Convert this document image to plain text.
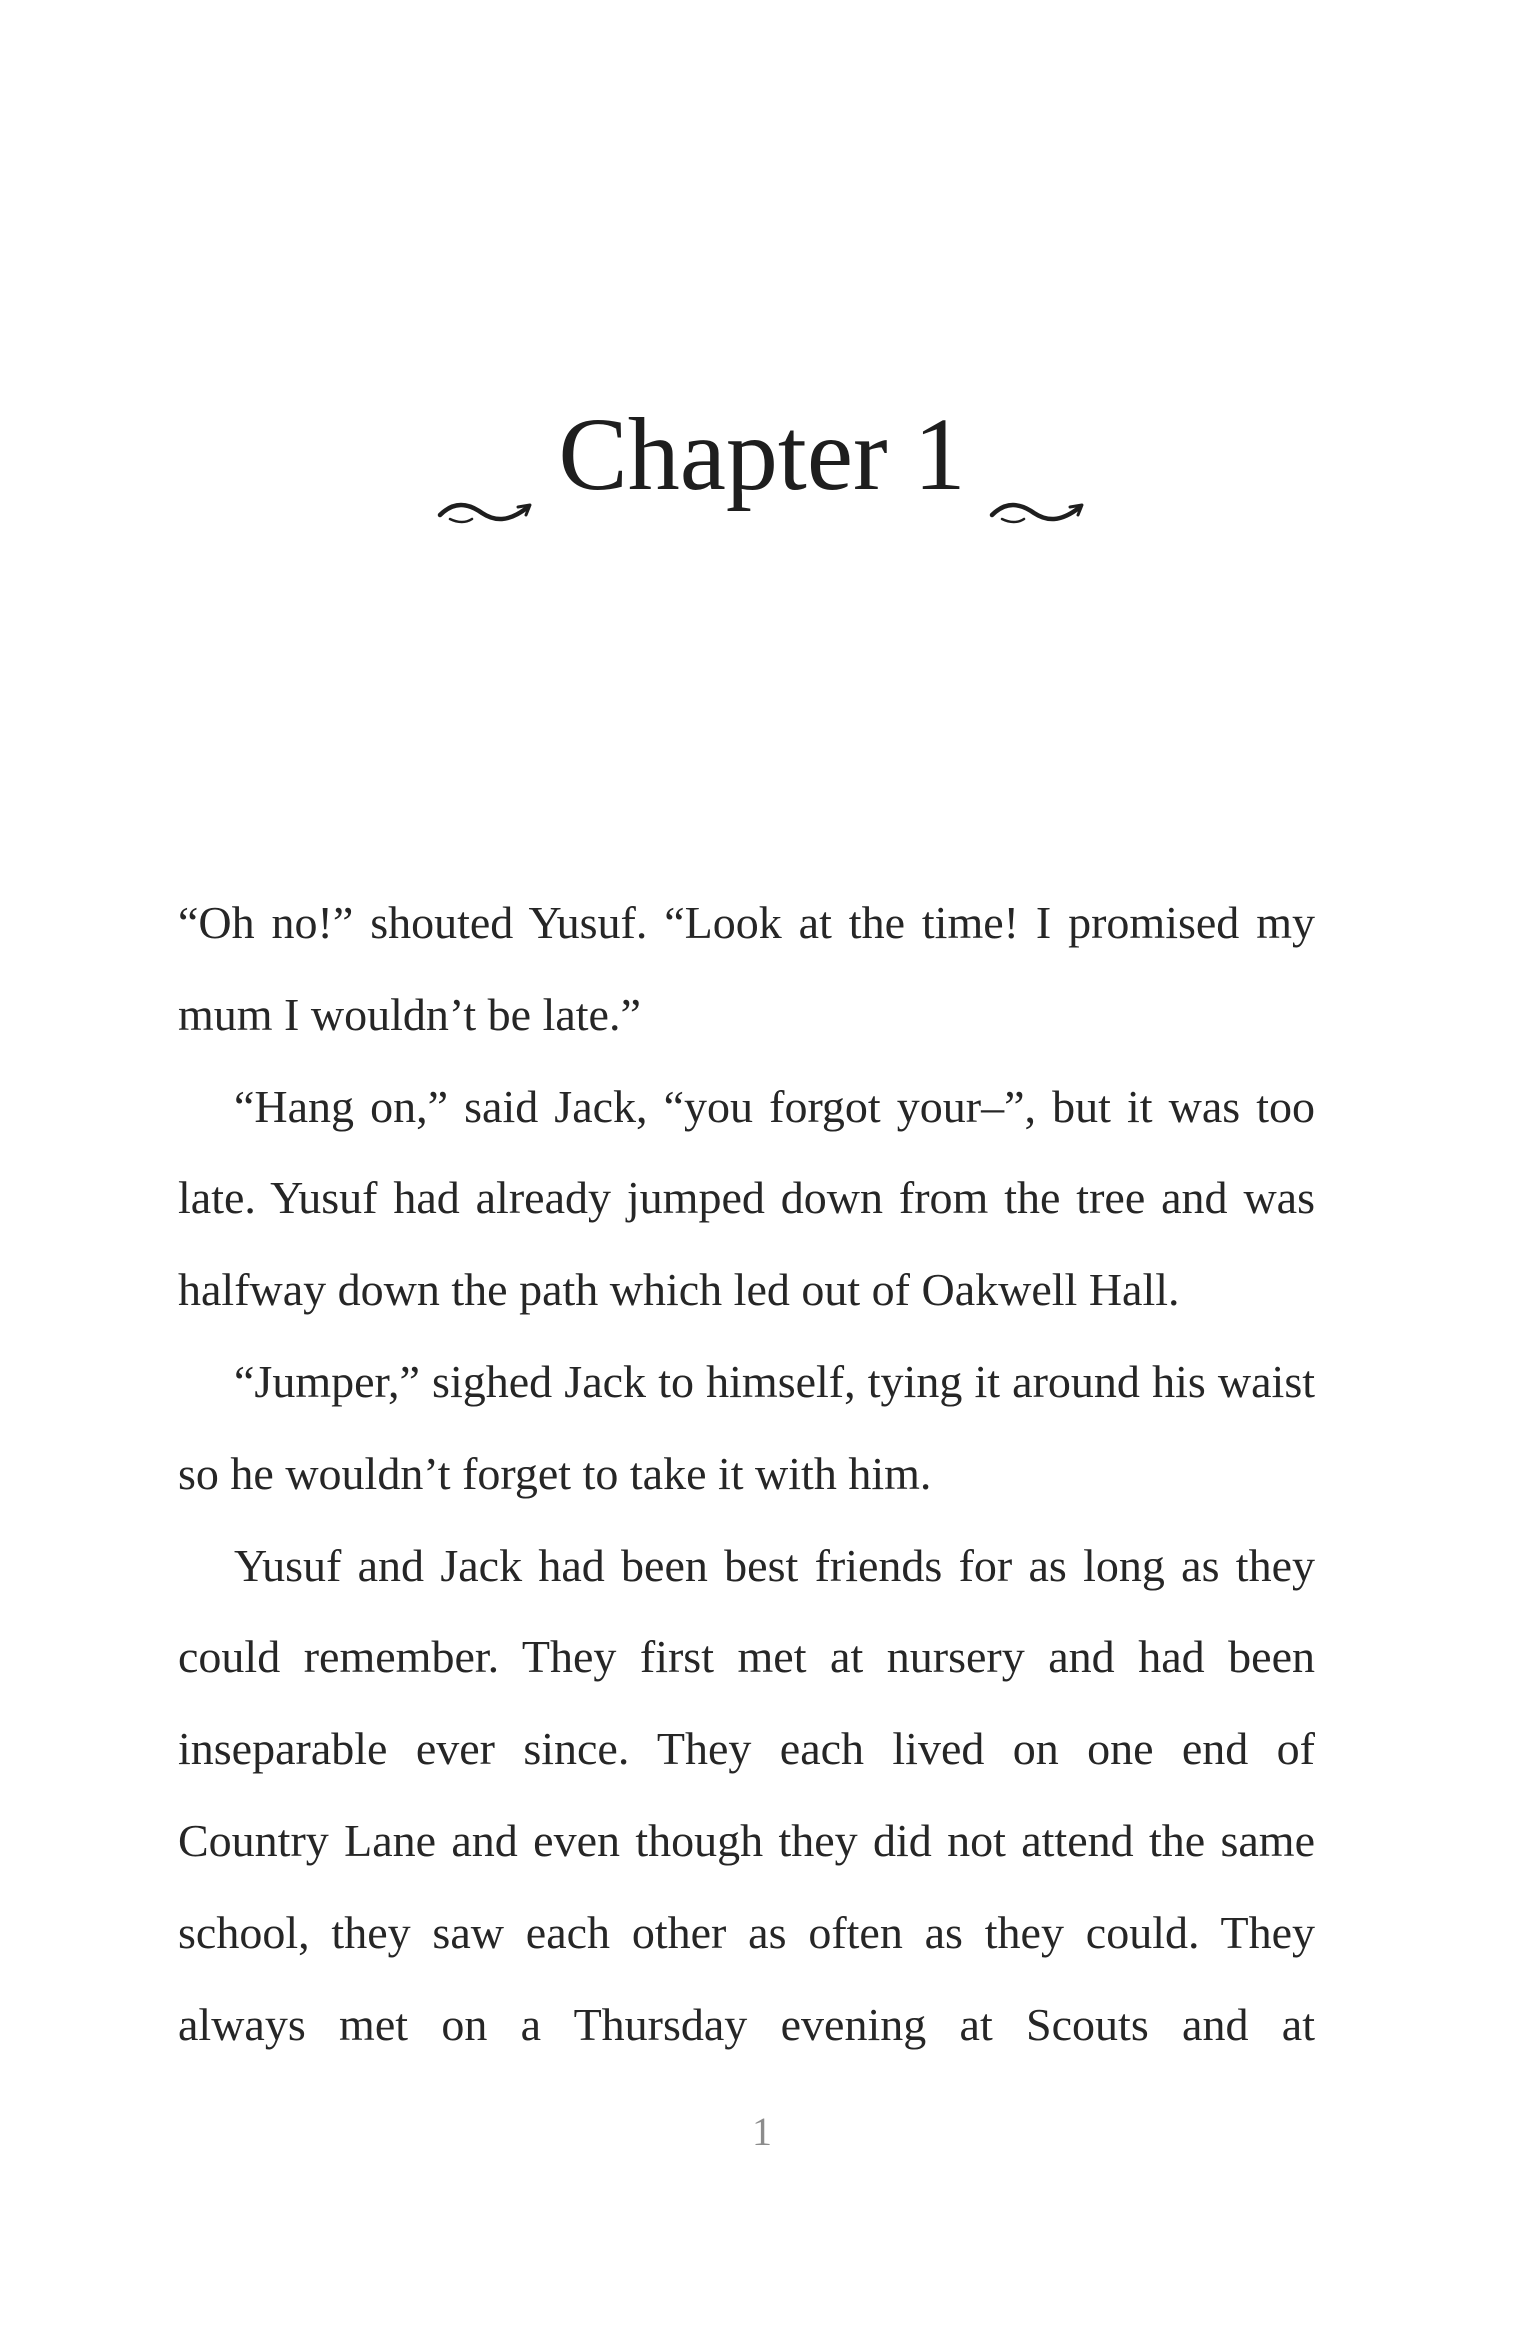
Chapter 1

“Oh no!” shouted Yusuf. “Look at the time! I promised my mum I wouldn’t be late.”

“Hang on,” said Jack, “you forgot your–”, but it was too late. Yusuf had already jumped down from the tree and was halfway down the path which led out of Oakwell Hall.

“Jumper,” sighed Jack to himself, tying it around his waist so he wouldn’t forget to take it with him.

Yusuf and Jack had been best friends for as long as they could remember. They first met at nursery and had been inseparable ever since. They each lived on one end of Country Lane and even though they did not attend the same school, they saw each other as often as they could. They always met on a Thursday evening at Scouts and at

1
